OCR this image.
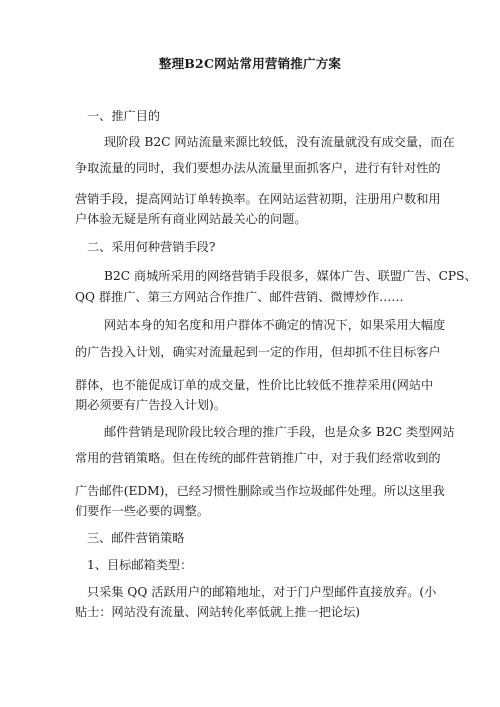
整理B2C网站常用营销推广方案
一、推广目的
现阶段 B2C 网站流量来源比较低，没有流量就没有成交量，而在
争取流量的同时，我们要想办法从流量里面抓客户，进行有针对性的
营销手段，提高网站订单转换率。在网站运营初期，注册用户数和用
户体验无疑是所有商业网站最关心的问题。
二、采用何种营销手段?
B2C 商城所采用的网络营销手段很多，媒体广告、联盟广告、CPS、
QQ 群推广、第三方网站合作推广、邮件营销、微博炒作……
网站本身的知名度和用户群体不确定的情况下，如果采用大幅度
的广告投入计划，确实对流量起到一定的作用，但却抓不住目标客户
群体，也不能促成订单的成交量，性价比比较低不推荐采用(网站中
期必须要有广告投入计划)。
邮件营销是现阶段比较合理的推广手段，也是众多 B2C 类型网站
常用的营销策略。但在传统的邮件营销推广中，对于我们经常收到的
广告邮件(EDM)，已经习惯性删除或当作垃圾邮件处理。所以这里我
们要作一些必要的调整。
三、邮件营销策略
1、目标邮箱类型：
只采集 QQ 活跃用户的邮箱地址，对于门户型邮件直接放弃。(小
贴士：网站没有流量、网站转化率低就上推一把论坛)
